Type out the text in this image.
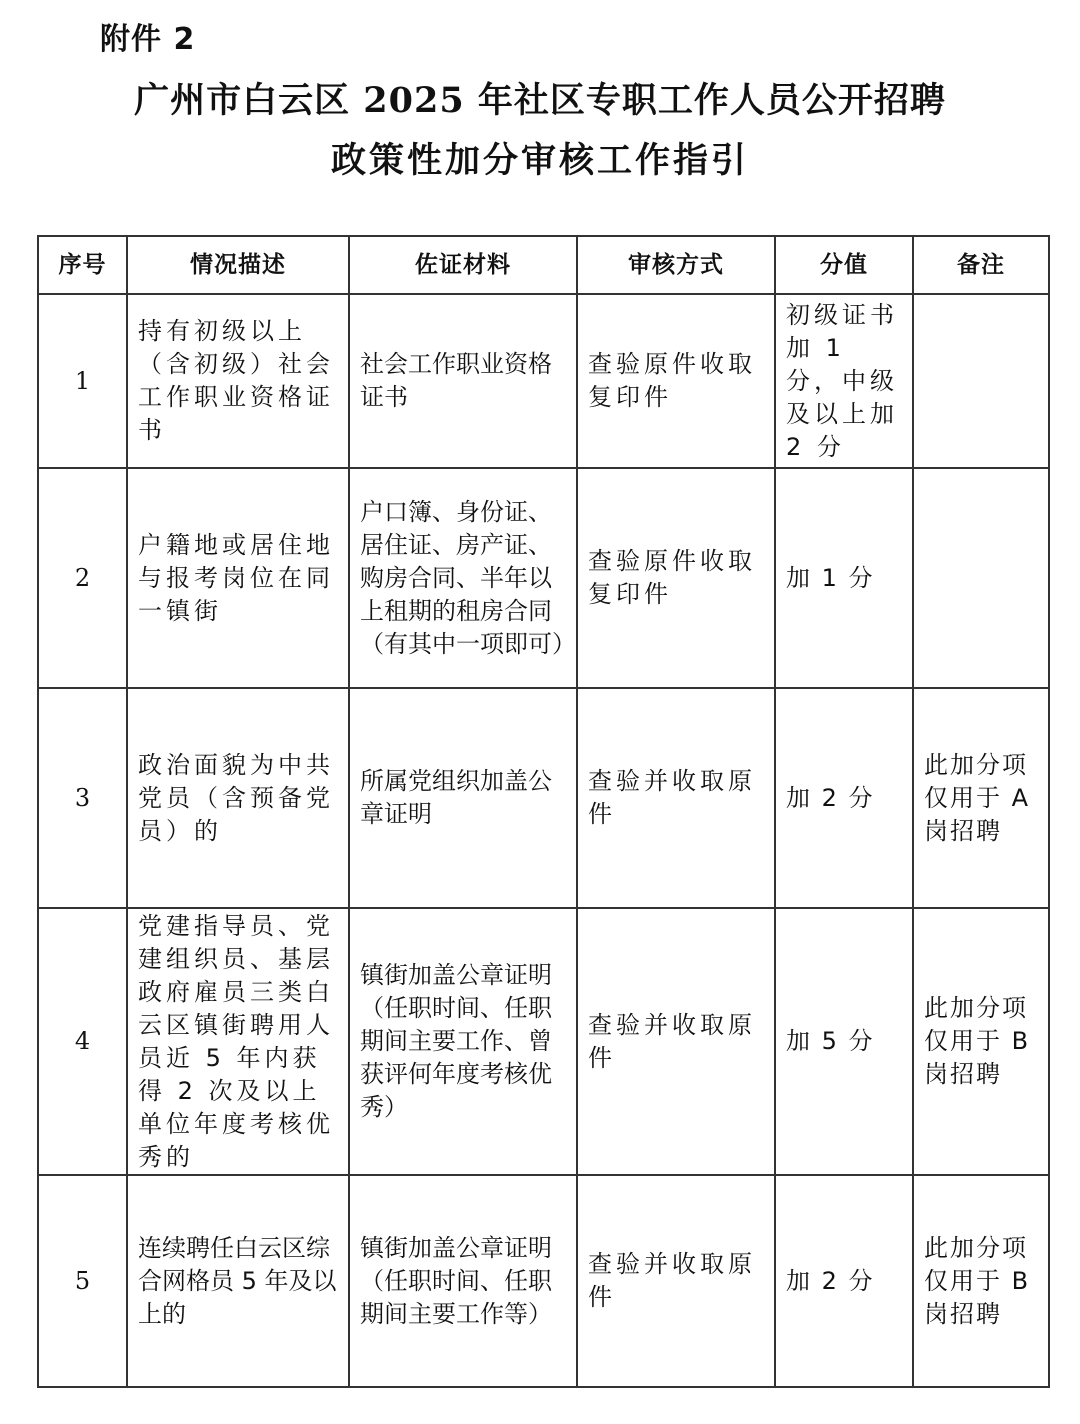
附件 2
广州市白云区 2025 年社区专职工作人员公开招聘
政策性加分审核工作指引
序号	情况描述	佐证材料	审核方式	分值	备注
1	持有初级以上（含初级）社会工作职业资格证书	社会工作职业资格证书	查验原件收取复印件	初级证书加 1 分，中级及以上加 2 分	
2	户籍地或居住地与报考岗位在同一镇街	户口簿、身份证、居住证、房产证、购房合同、半年以上租期的租房合同（有其中一项即可）	查验原件收取复印件	加 1 分	
3	政治面貌为中共党员（含预备党员）的	所属党组织加盖公章证明	查验并收取原件	加 2 分	此加分项仅用于 A 岗招聘
4	党建指导员、党建组织员、基层政府雇员三类白云区镇街聘用人员近 5 年内获得 2 次及以上单位年度考核优秀的	镇街加盖公章证明（任职时间、任职期间主要工作、曾获评何年度考核优秀）	查验并收取原件	加 5 分	此加分项仅用于 B 岗招聘
5	连续聘任白云区综合网格员 5 年及以上的	镇街加盖公章证明（任职时间、任职期间主要工作等）	查验并收取原件	加 2 分	此加分项仅用于 B 岗招聘
